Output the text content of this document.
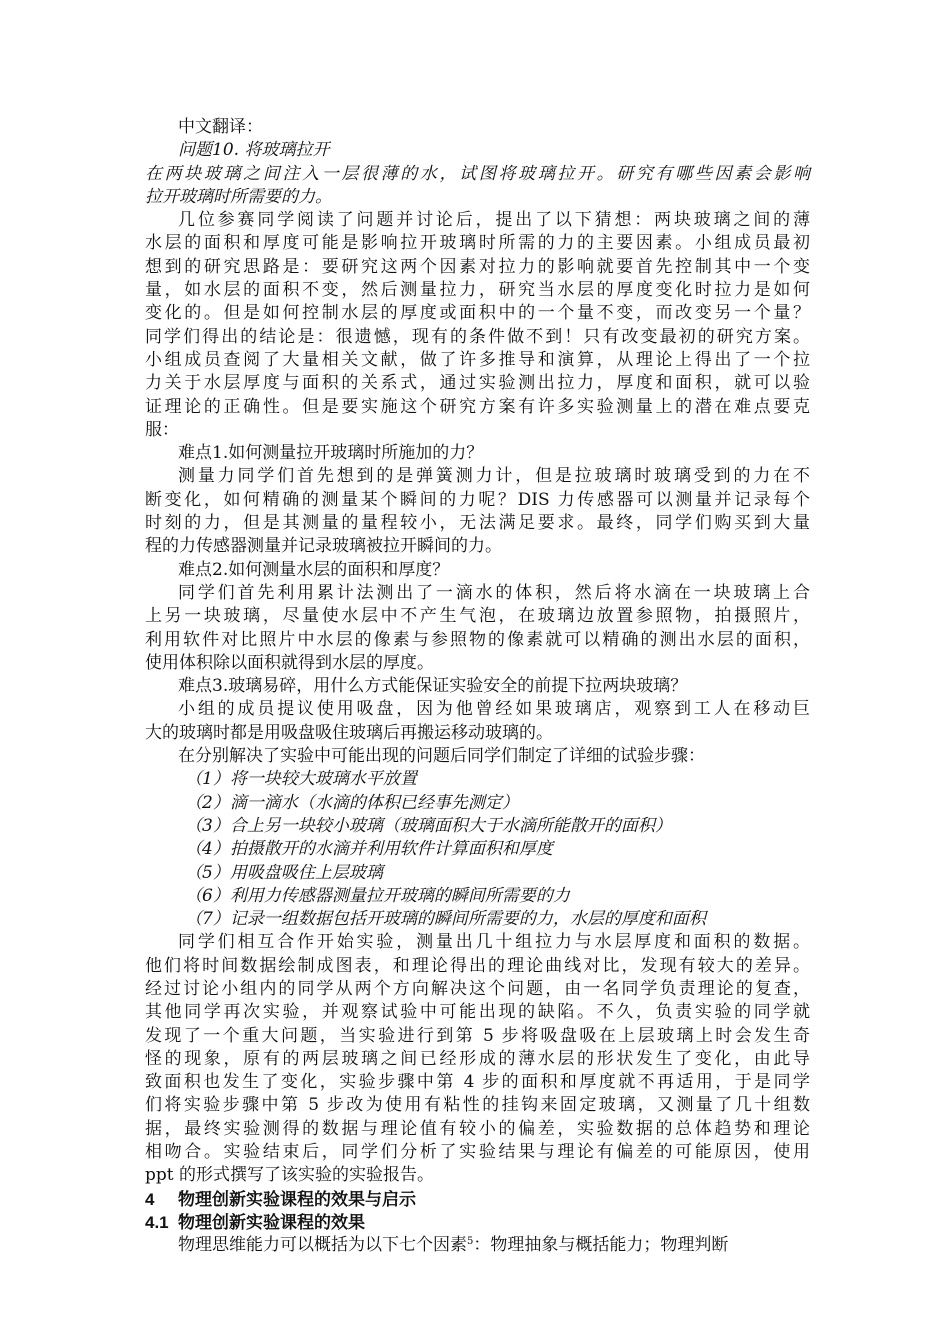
中文翻译：
问题10. 将玻璃拉开
在两块玻璃之间注入一层很薄的水，试图将玻璃拉开。研究有哪些因素会影响
拉开玻璃时所需要的力。
几位参赛同学阅读了问题并讨论后，提出了以下猜想：两块玻璃之间的薄
水层的面积和厚度可能是影响拉开玻璃时所需的力的主要因素。小组成员最初
想到的研究思路是：要研究这两个因素对拉力的影响就要首先控制其中一个变
量，如水层的面积不变，然后测量拉力，研究当水层的厚度变化时拉力是如何
变化的。但是如何控制水层的厚度或面积中的一个量不变，而改变另一个量？
同学们得出的结论是：很遗憾，现有的条件做不到！只有改变最初的研究方案。
小组成员查阅了大量相关文献，做了许多推导和演算，从理论上得出了一个拉
力关于水层厚度与面积的关系式，通过实验测出拉力，厚度和面积，就可以验
证理论的正确性。但是要实施这个研究方案有许多实验测量上的潜在难点要克
服：
难点1.如何测量拉开玻璃时所施加的力？
测量力同学们首先想到的是弹簧测力计，但是拉玻璃时玻璃受到的力在不
断变化，如何精确的测量某个瞬间的力呢？DIS 力传感器可以测量并记录每个
时刻的力，但是其测量的量程较小，无法满足要求。最终，同学们购买到大量
程的力传感器测量并记录玻璃被拉开瞬间的力。
难点2.如何测量水层的面积和厚度？
同学们首先利用累计法测出了一滴水的体积，然后将水滴在一块玻璃上合
上另一块玻璃，尽量使水层中不产生气泡，在玻璃边放置参照物，拍摄照片，
利用软件对比照片中水层的像素与参照物的像素就可以精确的测出水层的面积，
使用体积除以面积就得到水层的厚度。
难点3.玻璃易碎，用什么方式能保证实验安全的前提下拉两块玻璃？
小组的成员提议使用吸盘，因为他曾经如果玻璃店，观察到工人在移动巨
大的玻璃时都是用吸盘吸住玻璃后再搬运移动玻璃的。
在分别解决了实验中可能出现的问题后同学们制定了详细的试验步骤：
（1）将一块较大玻璃水平放置
（2）滴一滴水（水滴的体积已经事先测定）
（3）合上另一块较小玻璃（玻璃面积大于水滴所能散开的面积）
（4）拍摄散开的水滴并利用软件计算面积和厚度
（5）用吸盘吸住上层玻璃
（6）利用力传感器测量拉开玻璃的瞬间所需要的力
（7）记录一组数据包括开玻璃的瞬间所需要的力，水层的厚度和面积
同学们相互合作开始实验，测量出几十组拉力与水层厚度和面积的数据。
他们将时间数据绘制成图表，和理论得出的理论曲线对比，发现有较大的差异。
经过讨论小组内的同学从两个方向解决这个问题，由一名同学负责理论的复查，
其他同学再次实验，并观察试验中可能出现的缺陷。不久，负责实验的同学就
发现了一个重大问题，当实验进行到第 5 步将吸盘吸在上层玻璃上时会发生奇
怪的现象，原有的两层玻璃之间已经形成的薄水层的形状发生了变化，由此导
致面积也发生了变化，实验步骤中第 4 步的面积和厚度就不再适用，于是同学
们将实验步骤中第 5 步改为使用有粘性的挂钩来固定玻璃，又测量了几十组数
据，最终实验测得的数据与理论值有较小的偏差，实验数据的总体趋势和理论
相吻合。实验结束后，同学们分析了实验结果与理论有偏差的可能原因，使用
ppt 的形式撰写了该实验的实验报告。
4 物理创新实验课程的效果与启示
4.1 物理创新实验课程的效果
物理思维能力可以概括为以下七个因素$^5$：物理抽象与概括能力；物理判断
